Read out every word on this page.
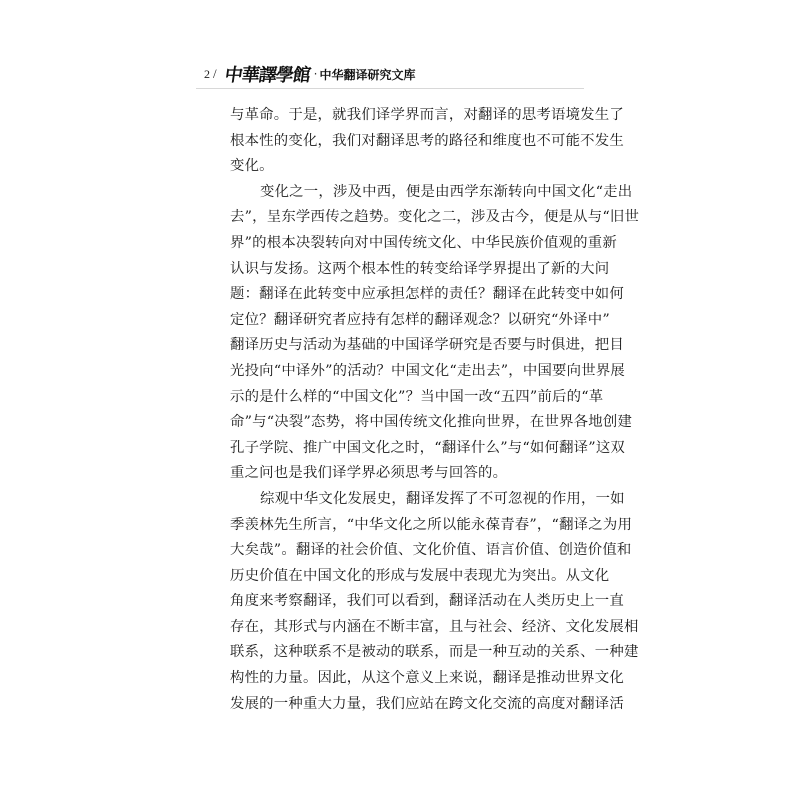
2 / 中華譯學館 · 中华翻译研究文库
与革命。于是，就我们译学界而言，对翻译的思考语境发生了
根本性的变化，我们对翻译思考的路径和维度也不可能不发生
变化。
变化之一，涉及中西，便是由西学东渐转向中国文化“走出
去”，呈东学西传之趋势。变化之二，涉及古今，便是从与“旧世
界”的根本决裂转向对中国传统文化、中华民族价值观的重新
认识与发扬。这两个根本性的转变给译学界提出了新的大问
题：翻译在此转变中应承担怎样的责任？翻译在此转变中如何
定位？翻译研究者应持有怎样的翻译观念？以研究“外译中”
翻译历史与活动为基础的中国译学研究是否要与时俱进，把目
光投向“中译外”的活动？中国文化“走出去”，中国要向世界展
示的是什么样的“中国文化”？当中国一改“五四”前后的“革
命”与“决裂”态势，将中国传统文化推向世界，在世界各地创建
孔子学院、推广中国文化之时，“翻译什么”与“如何翻译”这双
重之问也是我们译学界必须思考与回答的。
综观中华文化发展史，翻译发挥了不可忽视的作用，一如
季羡林先生所言，“中华文化之所以能永葆青春”，“翻译之为用
大矣哉”。翻译的社会价值、文化价值、语言价值、创造价值和
历史价值在中国文化的形成与发展中表现尤为突出。从文化
角度来考察翻译，我们可以看到，翻译活动在人类历史上一直
存在，其形式与内涵在不断丰富，且与社会、经济、文化发展相
联系，这种联系不是被动的联系，而是一种互动的关系、一种建
构性的力量。因此，从这个意义上来说，翻译是推动世界文化
发展的一种重大力量，我们应站在跨文化交流的高度对翻译活
